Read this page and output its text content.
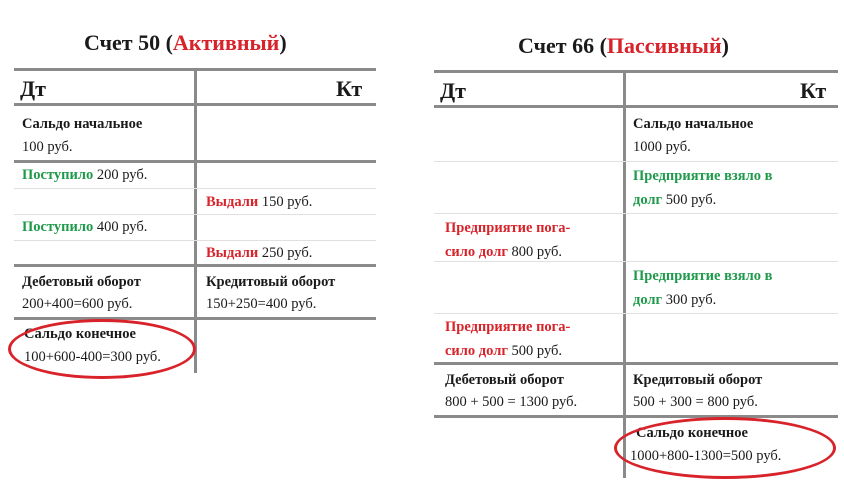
Счет 50 (Активный)
Дт	Кт
Сальдо начальное
100 руб.
Поступило 200 руб.
Выдали 150 руб.
Поступило 400 руб.
Выдали 250 руб.
Дебетовый оборот
200+400=600 руб.
Кредитовый оборот
150+250=400 руб.
Сальдо конечное
100+600-400=300 руб.
Счет 66 (Пассивный)
Дт	Кт
Сальдо начальное
1000 руб.
Предприятие взяло в
долг 500 руб.
Предприятие пога-
сило долг 800 руб.
Предприятие взяло в
долг 300 руб.
Предприятие пога-
сило долг 500 руб.
Дебетовый оборот
800 + 500 = 1300 руб.
Кредитовый оборот
500 + 300 = 800 руб.
Сальдо конечное
1000+800-1300=500 руб.
